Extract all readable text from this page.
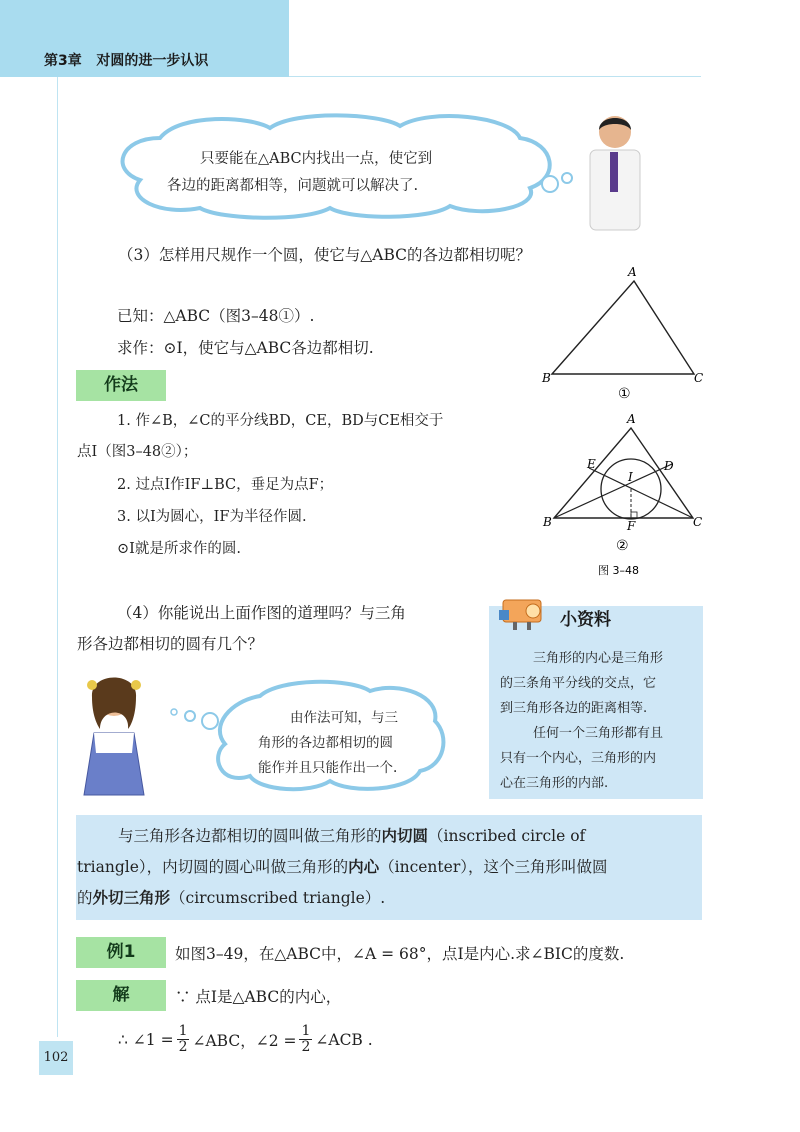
第3章 对圆的进一步认识
只要能在△ABC内找出一点，使它到
各边的距离都相等，问题就可以解决了.
（3）怎样用尺规作一个圆，使它与△ABC的各边都相切呢？
已知：△ABC（图3–48①）.
求作：⊙I，使它与△ABC各边都相切.
作法
1. 作∠B，∠C的平分线BD，CE，BD与CE相交于
点I（图3–48②）；
2. 过点I作IF⊥BC，垂足为点F；
3. 以I为圆心，IF为半径作圆.
⊙I就是所求作的圆.
A
B	C
①
A
B	C
D
E
F
I
②
图 3–48
（4）你能说出上面作图的道理吗？与三角
形各边都相切的圆有几个？
小资料
三角形的内心是三角形
的三条角平分线的交点，它
到三角形各边的距离相等.
任何一个三角形都有且
只有一个内心，三角形的内
心在三角形的内部.
由作法可知，与三
角形的各边都相切的圆
能作并且只能作出一个.
与三角形各边都相切的圆叫做三角形的内切圆（inscribed circle of
triangle），内切圆的圆心叫做三角形的内心（incenter），这个三角形叫做圆
的外切三角形（circumscribed triangle）.
例1	如图3–49，在△ABC中，∠A = 68°，点I是内心.求∠BIC的度数.
解	∵ 点I是△ABC的内心，
∴ ∠1 = $\frac{1}{2}$ ∠ABC，∠2 = $\frac{1}{2}$ ∠ACB .
102
